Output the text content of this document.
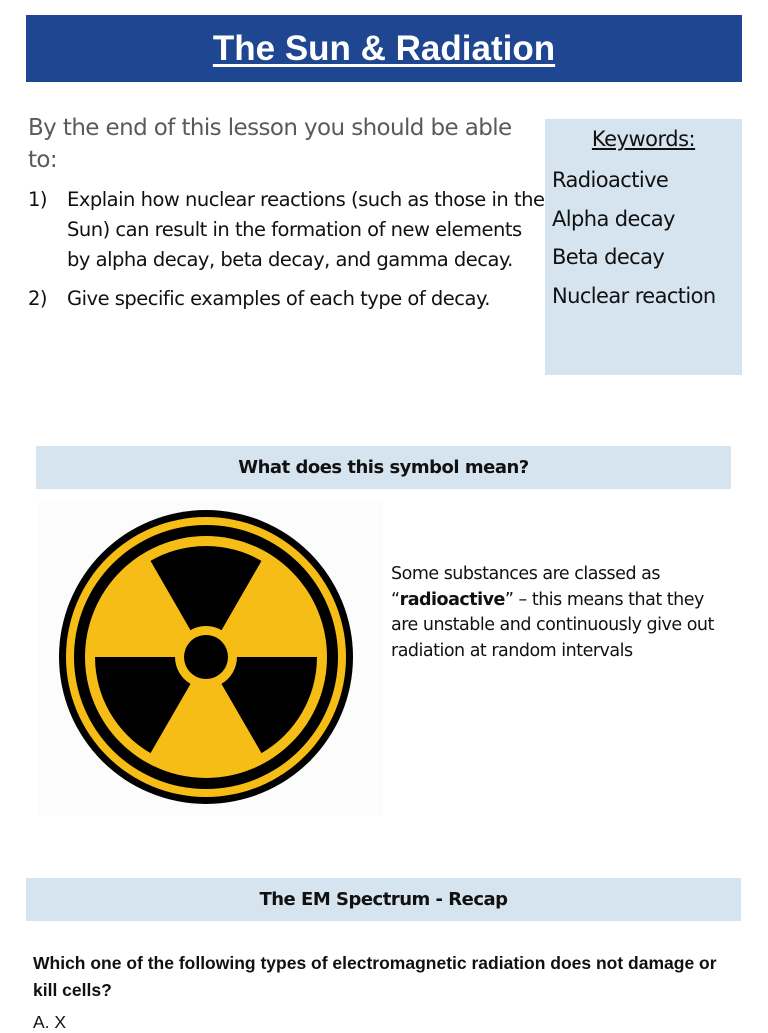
The Sun & Radiation
By the end of this lesson you should be able to:
1) Explain how nuclear reactions (such as those in the Sun) can result in the formation of new elements by alpha decay, beta decay, and gamma decay.
2) Give specific examples of each type of decay.
Keywords:
Radioactive
Alpha decay
Beta decay
Nuclear reaction
What does this symbol mean?
Some substances are classed as “radioactive” – this means that they are unstable and continuously give out radiation at random intervals
The EM Spectrum - Recap
Which one of the following types of electromagnetic radiation does not damage or kill cells?
A. X
